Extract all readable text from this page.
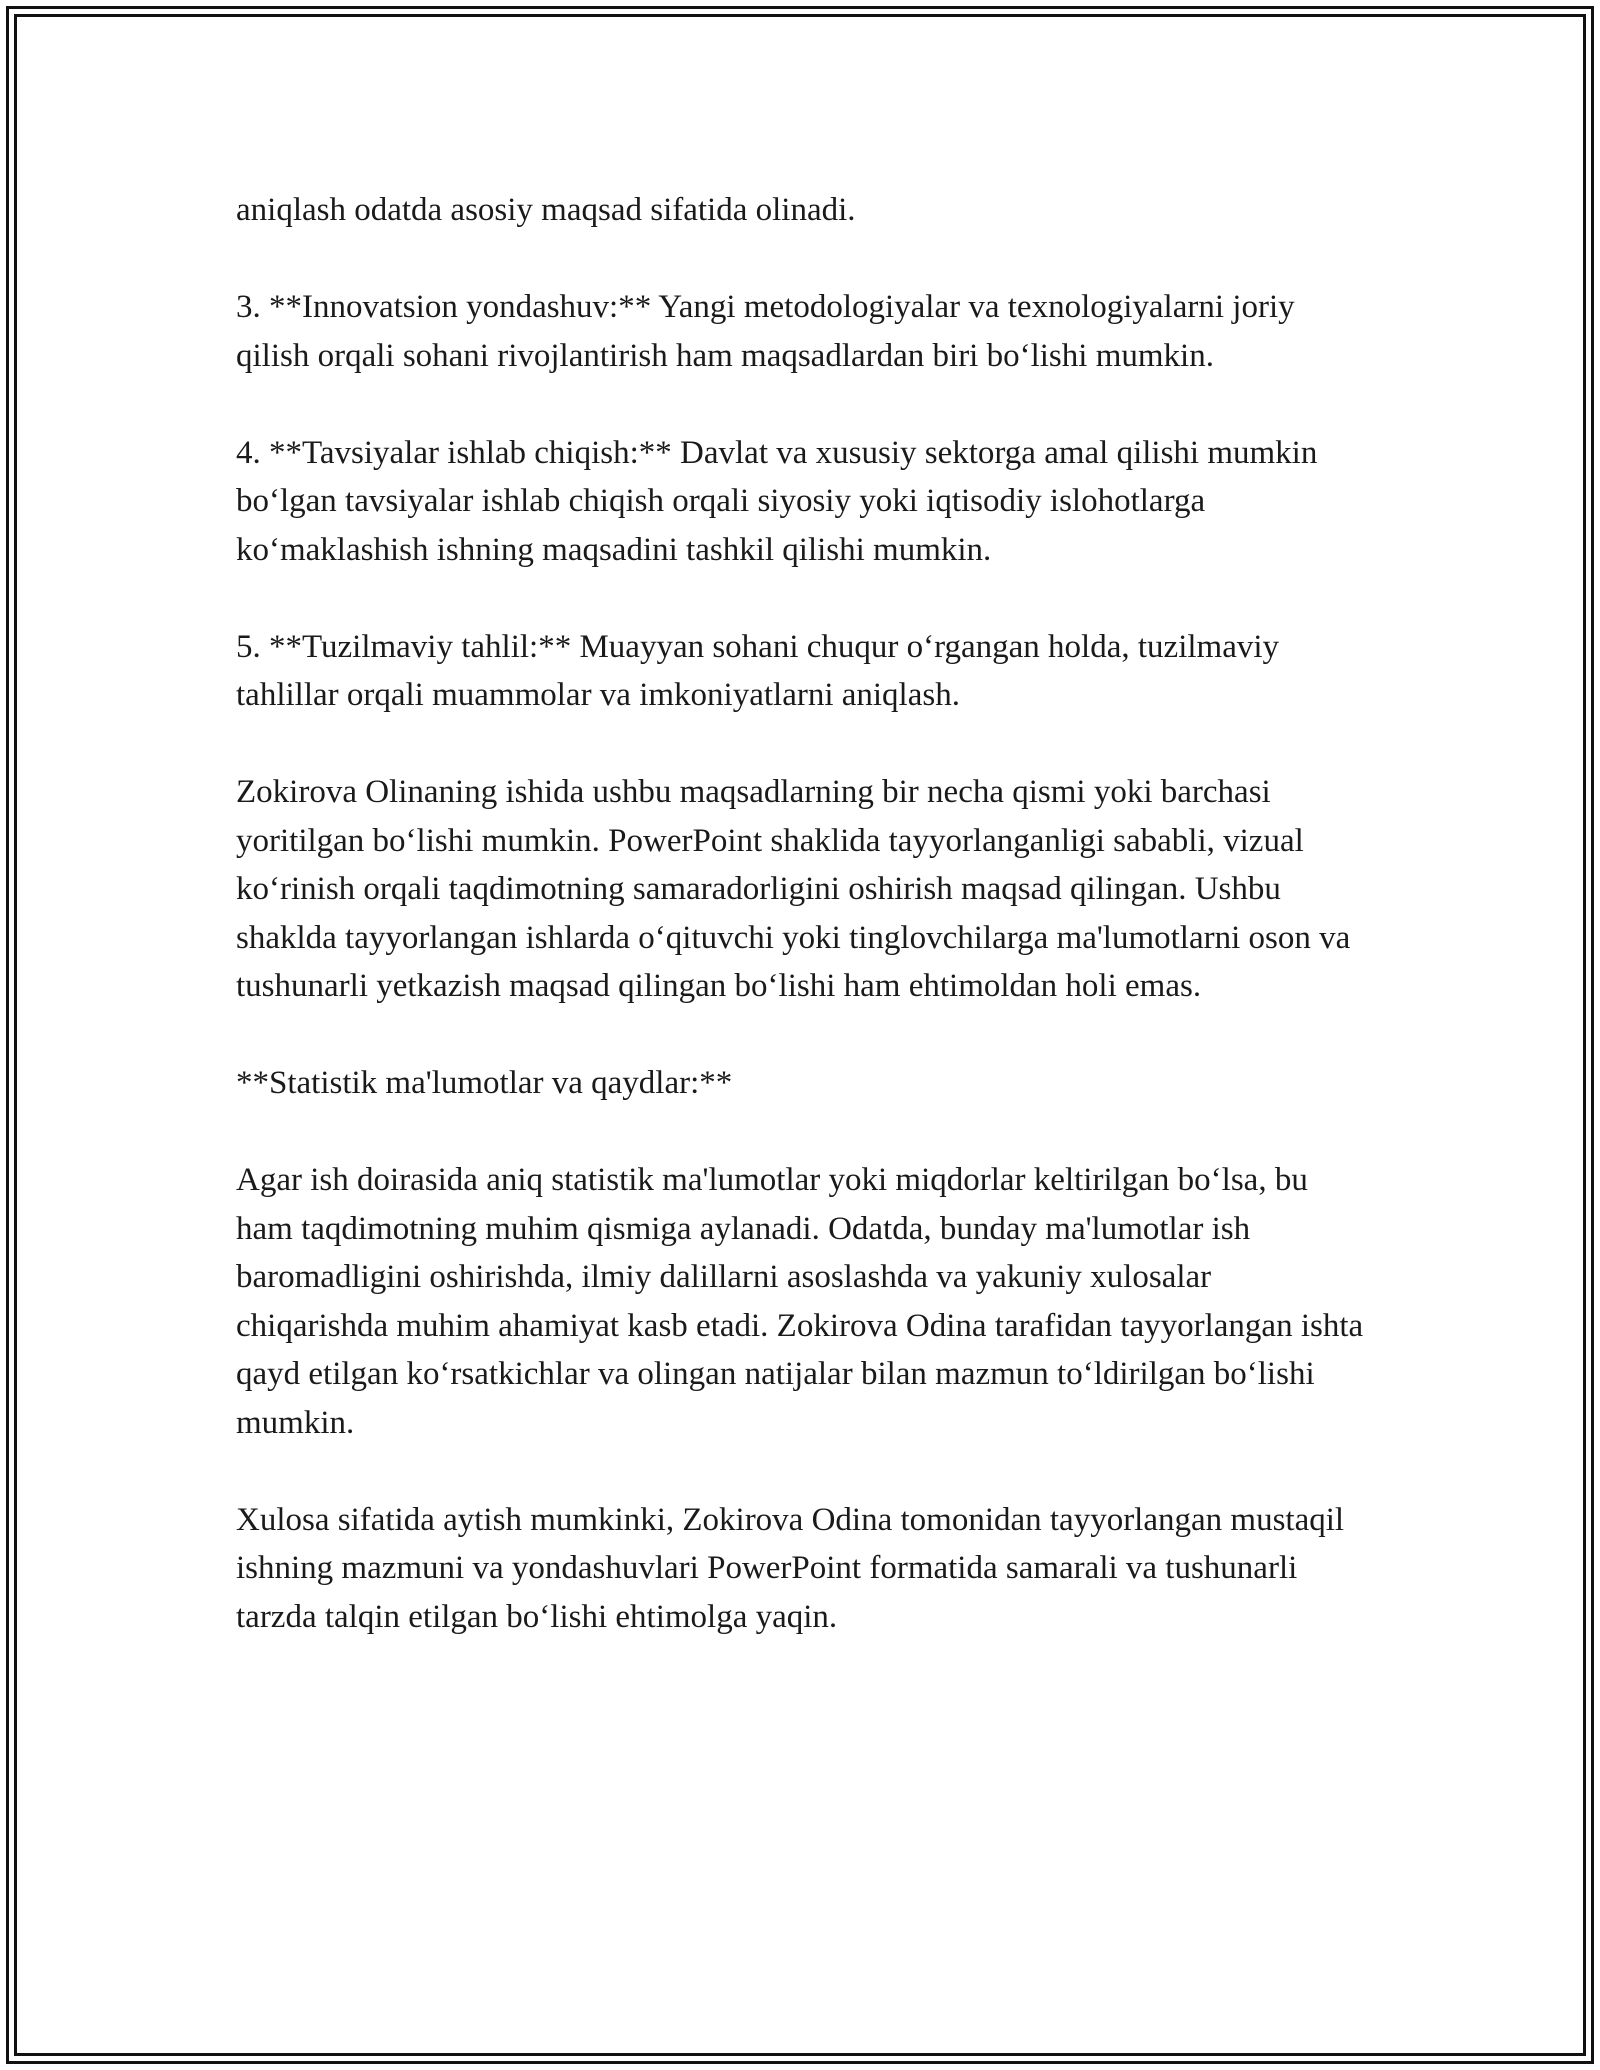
aniqlash odatda asosiy maqsad sifatida olinadi.

3. **Innovatsion yondashuv:** Yangi metodologiyalar va texnologiyalarni joriy qilish orqali sohani rivojlantirish ham maqsadlardan biri bo‘lishi mumkin.

4. **Tavsiyalar ishlab chiqish:** Davlat va xususiy sektorga amal qilishi mumkin bo‘lgan tavsiyalar ishlab chiqish orqali siyosiy yoki iqtisodiy islohotlarga ko‘maklashish ishning maqsadini tashkil qilishi mumkin.

5. **Tuzilmaviy tahlil:** Muayyan sohani chuqur o‘rgangan holda, tuzilmaviy tahlillar orqali muammolar va imkoniyatlarni aniqlash.

Zokirova Olinaning ishida ushbu maqsadlarning bir necha qismi yoki barchasi yoritilgan bo‘lishi mumkin. PowerPoint shaklida tayyorlanganligi sababli, vizual ko‘rinish orqali taqdimotning samaradorligini oshirish maqsad qilingan. Ushbu shaklda tayyorlangan ishlarda o‘qituvchi yoki tinglovchilarga ma'lumotlarni oson va tushunarli yetkazish maqsad qilingan bo‘lishi ham ehtimoldan holi emas.

**Statistik ma'lumotlar va qaydlar:**

Agar ish doirasida aniq statistik ma'lumotlar yoki miqdorlar keltirilgan bo‘lsa, bu ham taqdimotning muhim qismiga aylanadi. Odatda, bunday ma'lumotlar ish baromadligini oshirishda, ilmiy dalillarni asoslashda va yakuniy xulosalar chiqarishda muhim ahamiyat kasb etadi. Zokirova Odina tarafidan tayyorlangan ishta qayd etilgan ko‘rsatkichlar va olingan natijalar bilan mazmun to‘ldirilgan bo‘lishi mumkin.

Xulosa sifatida aytish mumkinki, Zokirova Odina tomonidan tayyorlangan mustaqil ishning mazmuni va yondashuvlari PowerPoint formatida samarali va tushunarli tarzda talqin etilgan bo‘lishi ehtimolga yaqin.
